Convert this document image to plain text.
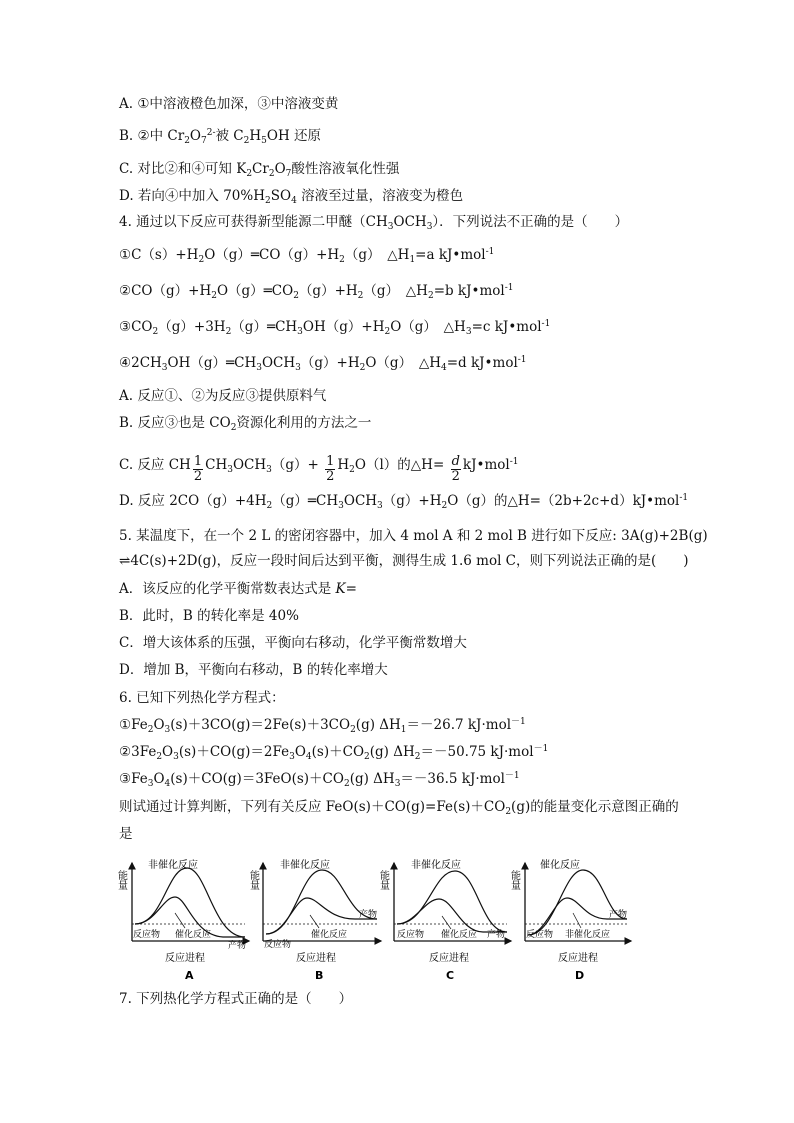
A. ①中溶液橙色加深，③中溶液变黄
B. ②中 $Cr_2O_7^{2-}$被 $C_2H_5OH$ 还原
C. 对比②和④可知 $K_2Cr_2O_7$酸性溶液氧化性强
D. 若向④中加入 $70\%H_2SO_4$ 溶液至过量，溶液变为橙色
4. 通过以下反应可获得新型能源二甲醚$(CH_3OCH_3)$．下列说法不正确的是（　　）
$①C(s)+H_2O(g)═CO(g)+H_2(g)$　$\triangle H_1=a$ kJ•mol$^{-1}$
$②CO(g)+H_2O(g)═CO_2(g)+H_2(g)$　$\triangle H_2=b$ kJ•mol$^{-1}$
$③CO_2(g)+3H_2(g)═CH_3OH(g)+H_2O(g)$　$\triangle H_3=c$ kJ•mol$^{-1}$
$④2CH_3OH(g)═CH_3OCH_3(g)+H_2O(g)$　$\triangle H_4=d$ kJ•mol$^{-1}$
A. 反应①、②为反应③提供原料气
B. 反应③也是 $CO_2$资源化利用的方法之一
C. 反应 CH $\frac{1}{2} CH_3OCH_3(g)+ \frac{1}{2} H_2O(l)$的△H= $\frac{d}{2}$ kJ•mol$^{-1}$
D. 反应 $2CO(g)+4H_2(g)═CH_3OCH_3(g)+H_2O(g)$的△H=（2b+2c+d）kJ•mol$^{-1}$
5. 某温度下，在一个 2 L 的密闭容器中，加入 4 mol A 和 2 mol B 进行如下反应: 3A(g)+2B(g)
⇌4C(s)+2D(g)，反应一段时间后达到平衡，测得生成 1.6 mol C，则下列说法正确的是(　　)
A．该反应的化学平衡常数表达式是 K=
B．此时，B 的转化率是 40%
C．增大该体系的压强，平衡向右移动，化学平衡常数增大
D．增加 B，平衡向右移动，B 的转化率增大
6. 已知下列热化学方程式：
$①Fe_2O_3(s)+3CO(g)=2Fe(s)+3CO_2(g)$ $\Delta H_1=-26.7$ kJ·mol$^{-1}$
$②3Fe_2O_3(s)+CO(g)=2Fe_3O_4(s)+CO_2(g)$ $\Delta H_2=-50.75$ kJ·mol$^{-1}$
$③Fe_3O_4(s)+CO(g)=3FeO(s)+CO_2(g)$ $\Delta H_3=-36.5$ kJ·mol$^{-1}$
则试通过计算判断，下列有关反应 $FeO(s)+CO(g)=Fe(s)+CO_2(g)$的能量变化示意图正确的
是
能量
非催化反应
反应物 催化反应
产物
反应进程
A
能量
非催化反应
反应物
产物
催化反应
反应进程
B
能量
非催化反应
反应物 催化反应 产物
反应进程
C
能量
催化反应
反应物 非催化反应
产物
反应进程
D
7. 下列热化学方程式正确的是（　　）
